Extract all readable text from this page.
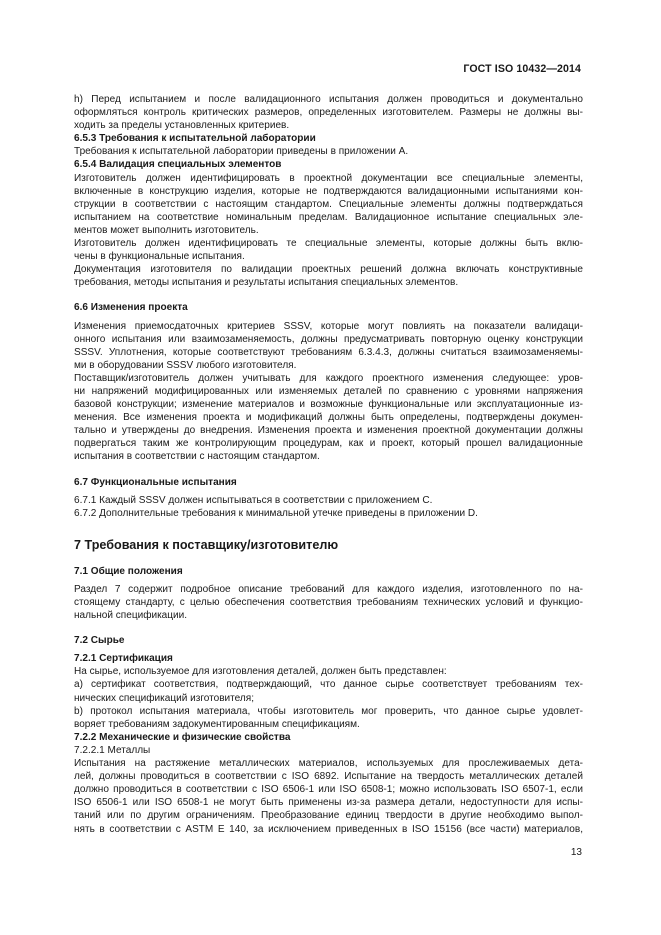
ГОСТ ISO 10432—2014

h) Перед испытанием и после валидационного испытания должен проводиться и документально
оформляться контроль критических размеров, определенных изготовителем. Размеры не должны вы-
ходить за пределы установленных критериев.

6.5.3 Требования к испытательной лаборатории

Требования к испытательной лаборатории приведены в приложении А.

6.5.4 Валидация специальных элементов

Изготовитель должен идентифицировать в проектной документации все специальные элементы,
включенные в конструкцию изделия, которые не подтверждаются валидационными испытаниями кон-
струкции в соответствии с настоящим стандартом. Специальные элементы должны подтверждаться
испытанием на соответствие номинальным пределам. Валидационное испытание специальных эле-
ментов может выполнить изготовитель.

Изготовитель должен идентифицировать те специальные элементы, которые должны быть вклю-
чены в функциональные испытания.

Документация изготовителя по валидации проектных решений должна включать конструктивные
требования, методы испытания и результаты испытания специальных элементов.

6.6 Изменения проекта

Изменения приемосдаточных критериев SSSV, которые могут повлиять на показатели валидаци-
онного испытания или взаимозаменяемость, должны предусматривать повторную оценку конструкции
SSSV. Уплотнения, которые соответствуют требованиям 6.3.4.3, должны считаться взаимозаменяемы-
ми в оборудовании SSSV любого изготовителя.

Поставщик/изготовитель должен учитывать для каждого проектного изменения следующее: уров-
ни напряжений модифицированных или изменяемых деталей по сравнению с уровнями напряжения
базовой конструкции; изменение материалов и возможные функциональные или эксплуатационные из-
менения. Все изменения проекта и модификаций должны быть определены, подтверждены докумен-
тально и утверждены до внедрения. Изменения проекта и изменения проектной документации должны
подвергаться таким же контролирующим процедурам, как и проект, который прошел валидационные
испытания в соответствии с настоящим стандартом.

6.7 Функциональные испытания

6.7.1 Каждый SSSV должен испытываться в соответствии с приложением С.

6.7.2 Дополнительные требования к минимальной утечке приведены в приложении D.

7 Требования к поставщику/изготовителю

7.1 Общие положения

Раздел 7 содержит подробное описание требований для каждого изделия, изготовленного по на-
стоящему стандарту, с целью обеспечения соответствия требованиям технических условий и функцио-
нальной спецификации.

7.2 Сырье

7.2.1 Сертификация

На сырье, используемое для изготовления деталей, должен быть представлен:

а) сертификат соответствия, подтверждающий, что данное сырье соответствует требованиям тех-
нических спецификаций изготовителя;

b) протокол испытания материала, чтобы изготовитель мог проверить, что данное сырье удовлет-
воряет требованиям задокументированным спецификациям.

7.2.2 Механические и физические свойства

7.2.2.1 Металлы

Испытания на растяжение металлических материалов, используемых для прослеживаемых дета-
лей, должны проводиться в соответствии с ISO 6892. Испытание на твердость металлических деталей
должно проводиться в соответствии с ISO 6506-1 или ISO 6508-1; можно использовать ISO 6507-1, если
ISO 6506-1 или ISO 6508-1 не могут быть применены из-за размера детали, недоступности для испы-
таний или по другим ограничениям. Преобразование единиц твердости в другие необходимо выпол-
нять в соответствии с ASTM E 140, за исключением приведенных в ISO 15156 (все части) материалов,

13
